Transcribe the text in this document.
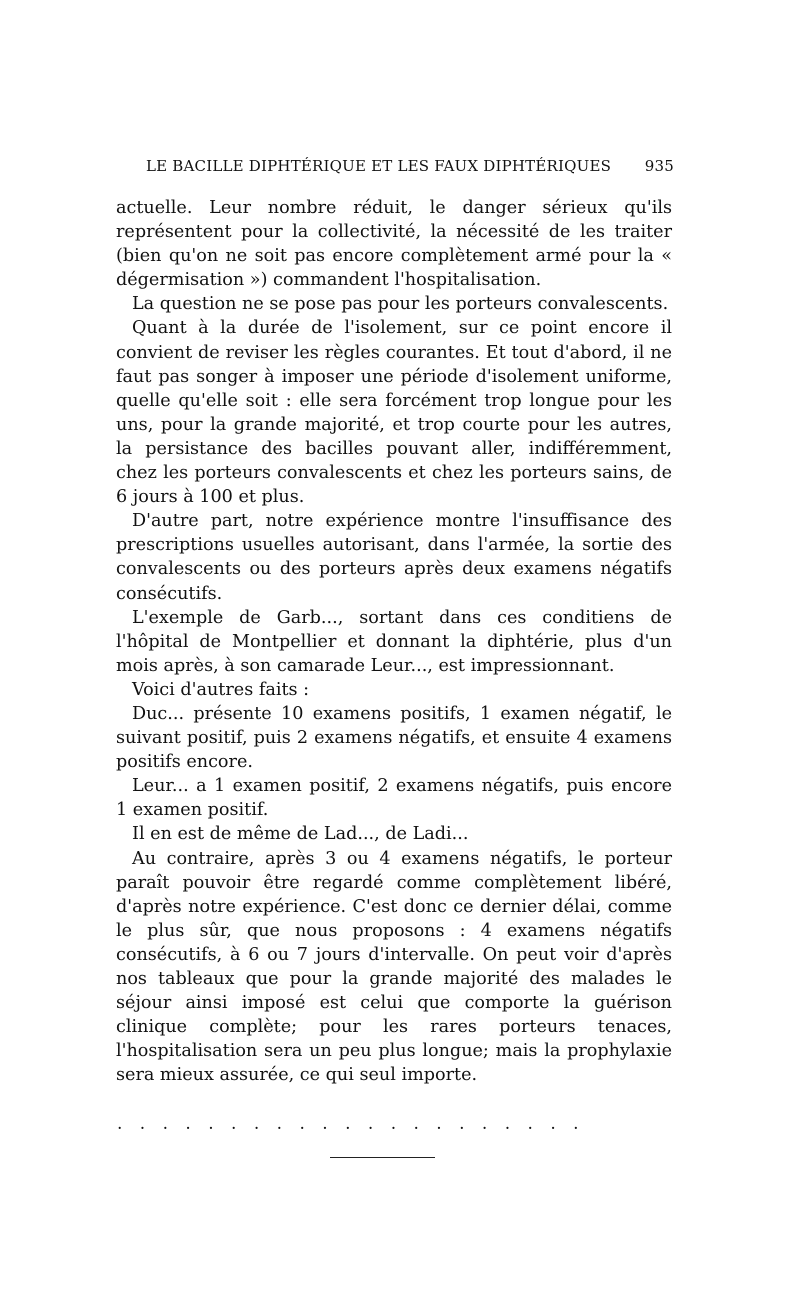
LE BACILLE DIPHTÉRIQUE ET LES FAUX DIPHTÉRIQUES 935

actuelle. Leur nombre réduit, le danger sérieux qu'ils représentent pour la collectivité, la nécessité de les traiter (bien qu'on ne soit pas encore complètement armé pour la « dégermisation ») commandent l'hospitalisation.

La question ne se pose pas pour les porteurs convalescents.

Quant à la durée de l'isolement, sur ce point encore il convient de reviser les règles courantes. Et tout d'abord, il ne faut pas songer à imposer une période d'isolement uniforme, quelle qu'elle soit : elle sera forcément trop longue pour les uns, pour la grande majorité, et trop courte pour les autres, la persistance des bacilles pouvant aller, indifféremment, chez les porteurs convalescents et chez les porteurs sains, de 6 jours à 100 et plus.

D'autre part, notre expérience montre l'insuffisance des prescriptions usuelles autorisant, dans l'armée, la sortie des convalescents ou des porteurs après deux examens négatifs consécutifs.

L'exemple de Garb..., sortant dans ces conditiens de l'hôpital de Montpellier et donnant la diphtérie, plus d'un mois après, à son camarade Leur..., est impressionnant.

Voici d'autres faits :

Duc... présente 10 examens positifs, 1 examen négatif, le suivant positif, puis 2 examens négatifs, et ensuite 4 examens positifs encore.

Leur... a 1 examen positif, 2 examens négatifs, puis encore 1 examen positif.

Il en est de même de Lad..., de Ladi...

Au contraire, après 3 ou 4 examens négatifs, le porteur paraît pouvoir être regardé comme complètement libéré, d'après notre expérience. C'est donc ce dernier délai, comme le plus sûr, que nous proposons : 4 examens négatifs consécutifs, à 6 ou 7 jours d'intervalle. On peut voir d'après nos tableaux que pour la grande majorité des malades le séjour ainsi imposé est celui que comporte la guérison clinique complète; pour les rares porteurs tenaces, l'hospitalisation sera un peu plus longue; mais la prophylaxie sera mieux assurée, ce qui seul importe.

. . . . . . . . . . . . . . . . . . . . .
